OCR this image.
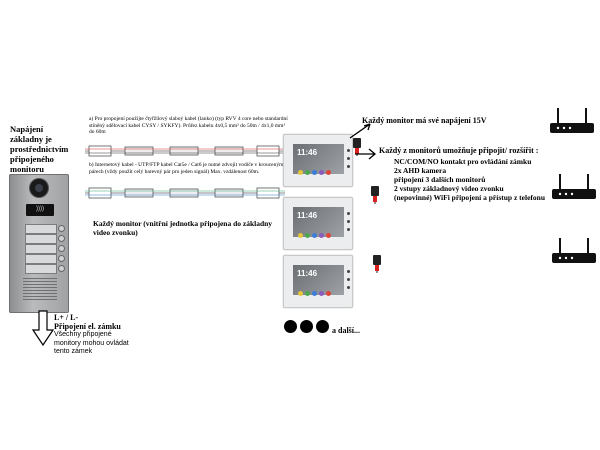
Napájení základny je prostřednictvím připojeného monitoru
))))
L+ / L-
Připojení el. zámku
Všechny připojené monitory mohou ovládat tento zámek
a) Pro propojení použijte čtyřžilový slaboý kabel (lanko) (typ RVV 4 core nebo standardní stíněný sdělovací kabel CYSY / SYKFY). Průřez kabelu 4x0,5 mm² do 50m / 4x1,0 mm² do 60m
b) Internetový kabel - UTP/FTP kabel Cat5e / Cat6 je nutné zdvojit vodiče v krouceným párech (vždy použít celý barevný pár pro jeden signál) Max. vzdálenost 60m.
Každý monitor (vnitřní jednotka připojena do základny video zvonku)
11:46
11:46
11:46
Každý monitor má své napájení 15V
Každý z monitorů umožňuje připojit/ rozšířit :
NC/COM/NO kontakt pro ovládání zámku
2x AHD kamera
připojení 3 dalších monitorů
2 vstupy základnový video zvonku
(nepovinné) WiFi připojení a přístup z telefonu
a další...
